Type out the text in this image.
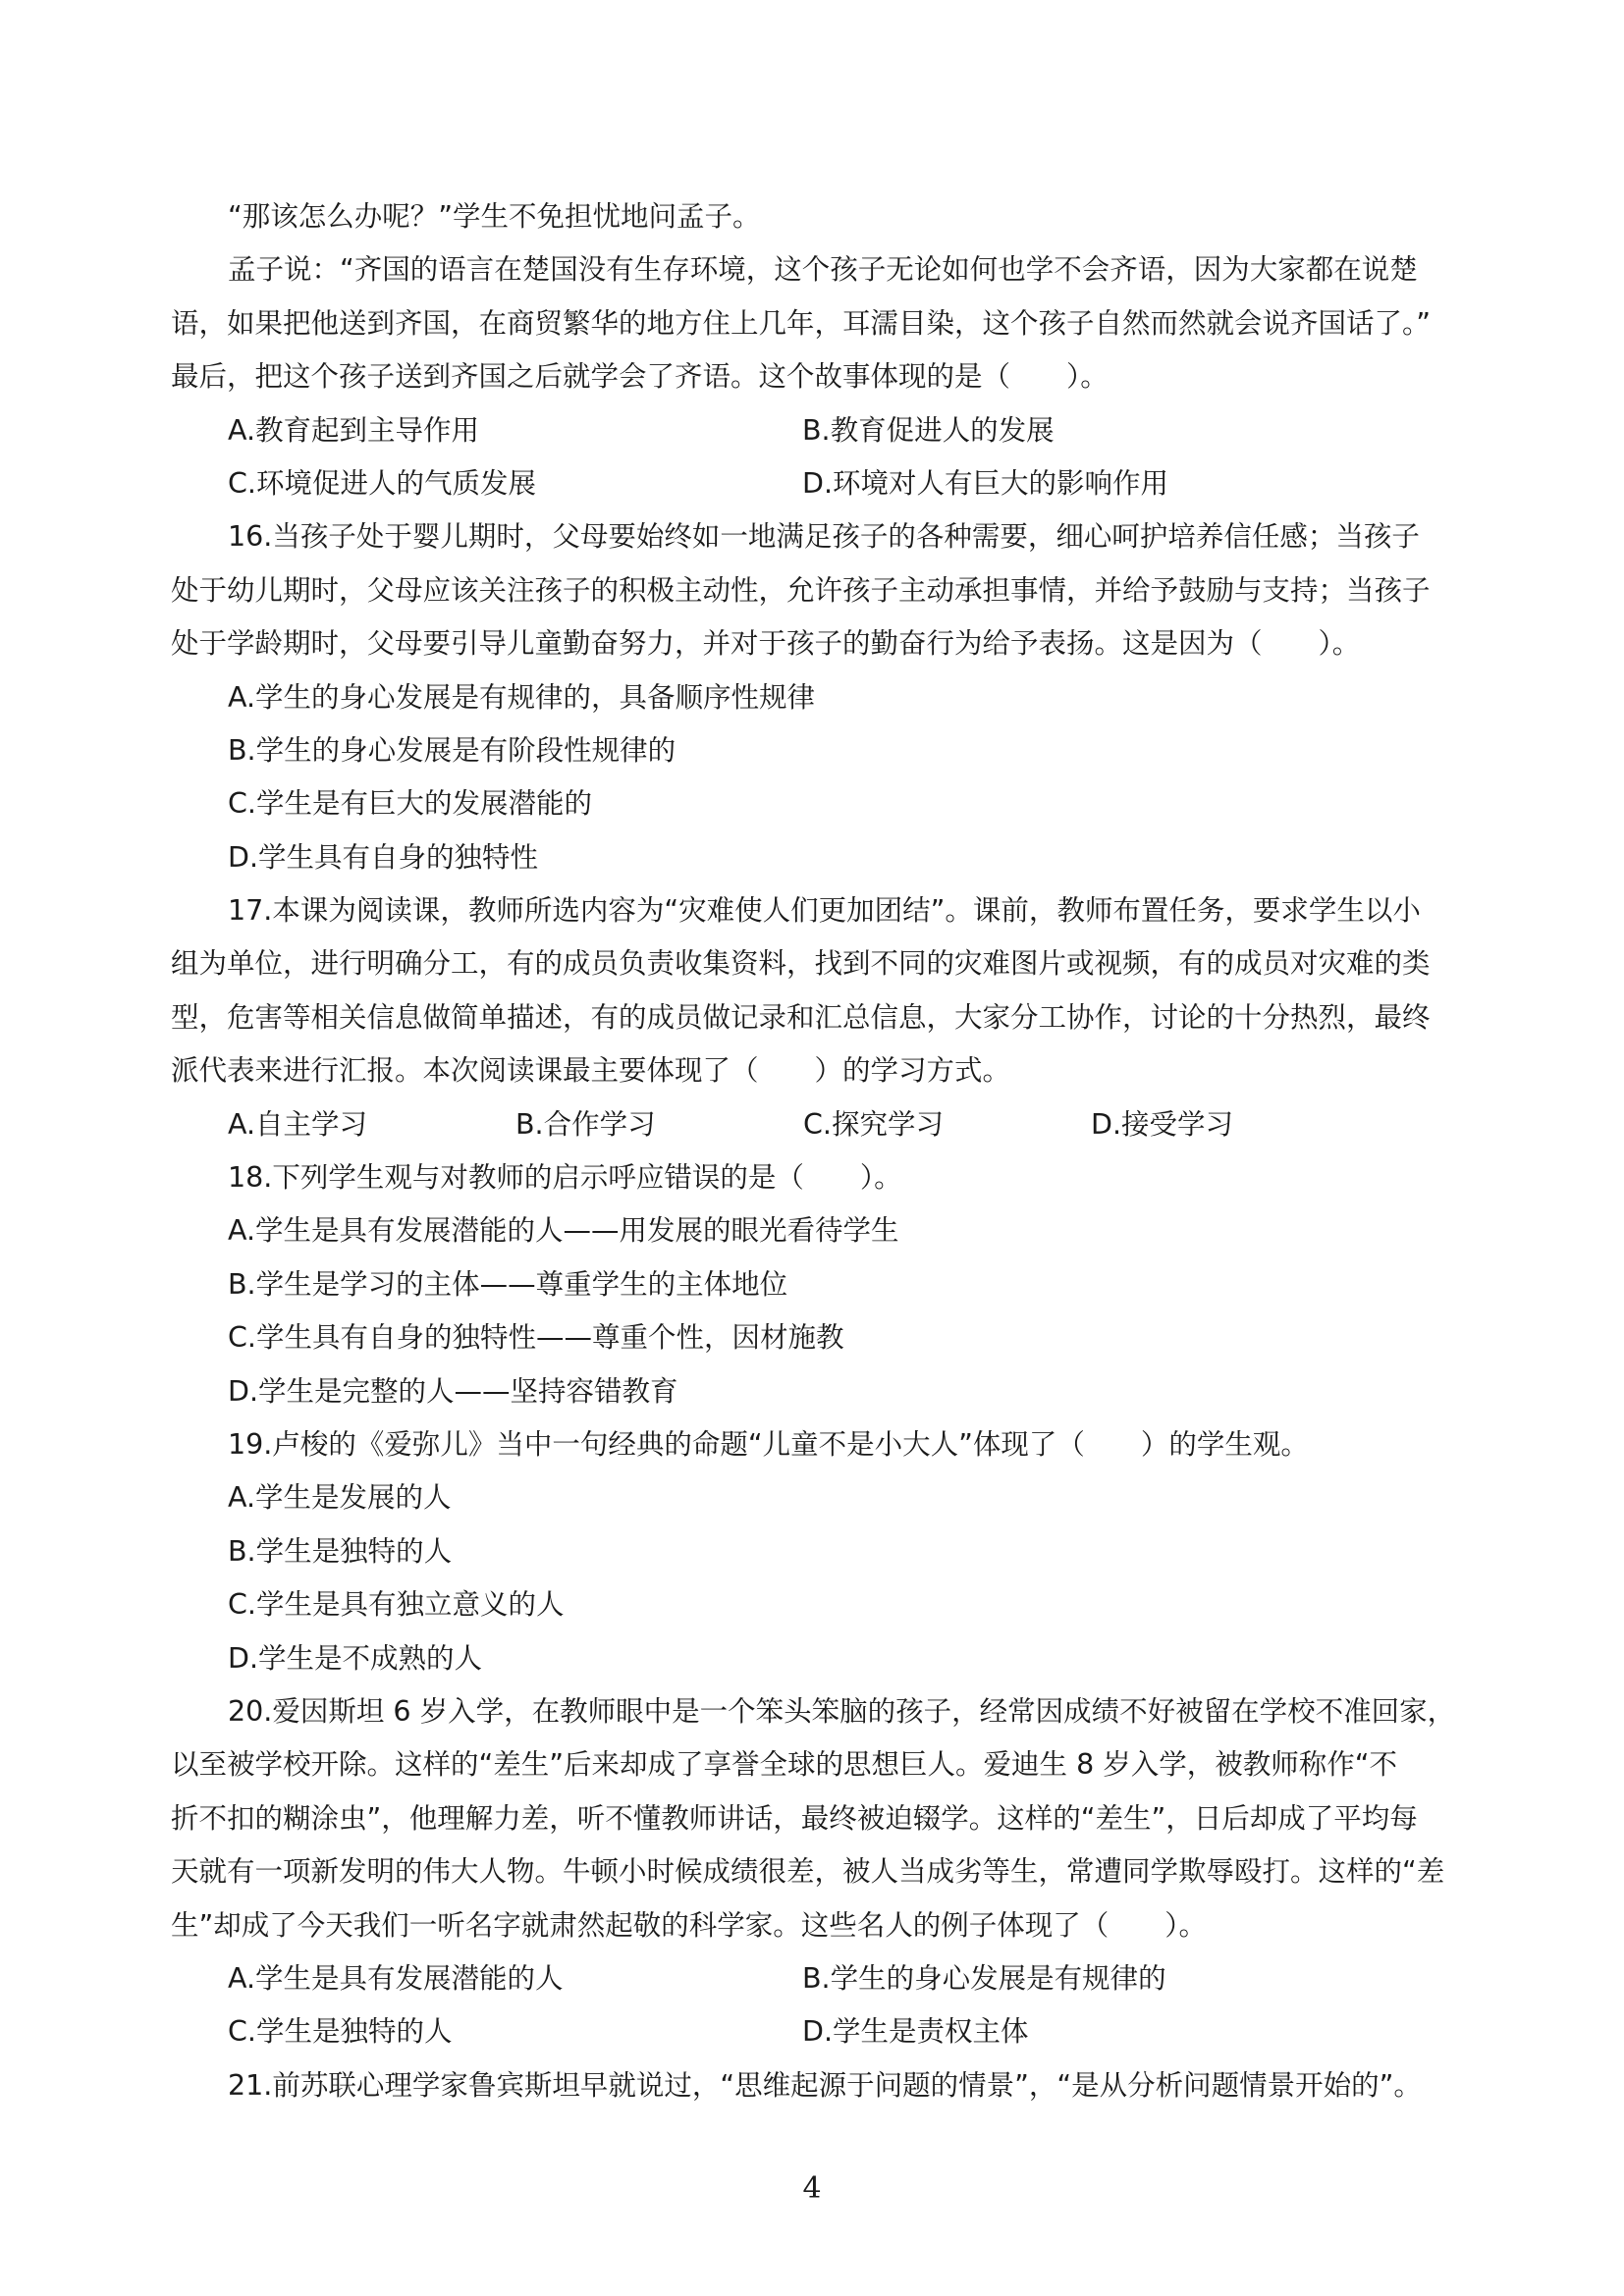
“那该怎么办呢？”学生不免担忧地问孟子。
孟子说：“齐国的语言在楚国没有生存环境，这个孩子无论如何也学不会齐语，因为大家都在说楚
语，如果把他送到齐国，在商贸繁华的地方住上几年，耳濡目染，这个孩子自然而然就会说齐国话了。”
最后，把这个孩子送到齐国之后就学会了齐语。这个故事体现的是（　　）。
A.教育起到主导作用	B.教育促进人的发展
C.环境促进人的气质发展	D.环境对人有巨大的影响作用
16.当孩子处于婴儿期时，父母要始终如一地满足孩子的各种需要，细心呵护培养信任感；当孩子
处于幼儿期时，父母应该关注孩子的积极主动性，允许孩子主动承担事情，并给予鼓励与支持；当孩子
处于学龄期时，父母要引导儿童勤奋努力，并对于孩子的勤奋行为给予表扬。这是因为（　　）。
A.学生的身心发展是有规律的，具备顺序性规律
B.学生的身心发展是有阶段性规律的
C.学生是有巨大的发展潜能的
D.学生具有自身的独特性
17.本课为阅读课，教师所选内容为“灾难使人们更加团结”。课前，教师布置任务，要求学生以小
组为单位，进行明确分工，有的成员负责收集资料，找到不同的灾难图片或视频，有的成员对灾难的类
型，危害等相关信息做简单描述，有的成员做记录和汇总信息，大家分工协作，讨论的十分热烈，最终
派代表来进行汇报。本次阅读课最主要体现了（　　）的学习方式。
A.自主学习	B.合作学习	C.探究学习	D.接受学习
18.下列学生观与对教师的启示呼应错误的是（　　）。
A.学生是具有发展潜能的人——用发展的眼光看待学生
B.学生是学习的主体——尊重学生的主体地位
C.学生具有自身的独特性——尊重个性，因材施教
D.学生是完整的人——坚持容错教育
19.卢梭的《爱弥儿》当中一句经典的命题“儿童不是小大人”体现了（　　）的学生观。
A.学生是发展的人
B.学生是独特的人
C.学生是具有独立意义的人
D.学生是不成熟的人
20.爱因斯坦 6 岁入学，在教师眼中是一个笨头笨脑的孩子，经常因成绩不好被留在学校不准回家，
以至被学校开除。这样的“差生”后来却成了享誉全球的思想巨人。爱迪生 8 岁入学，被教师称作“不
折不扣的糊涂虫”，他理解力差，听不懂教师讲话，最终被迫辍学。这样的“差生”，日后却成了平均每
天就有一项新发明的伟大人物。牛顿小时候成绩很差，被人当成劣等生，常遭同学欺辱殴打。这样的“差
生”却成了今天我们一听名字就肃然起敬的科学家。这些名人的例子体现了（　　）。
A.学生是具有发展潜能的人	B.学生的身心发展是有规律的
C.学生是独特的人	D.学生是责权主体
21.前苏联心理学家鲁宾斯坦早就说过，“思维起源于问题的情景”，“是从分析问题情景开始的”。
4
